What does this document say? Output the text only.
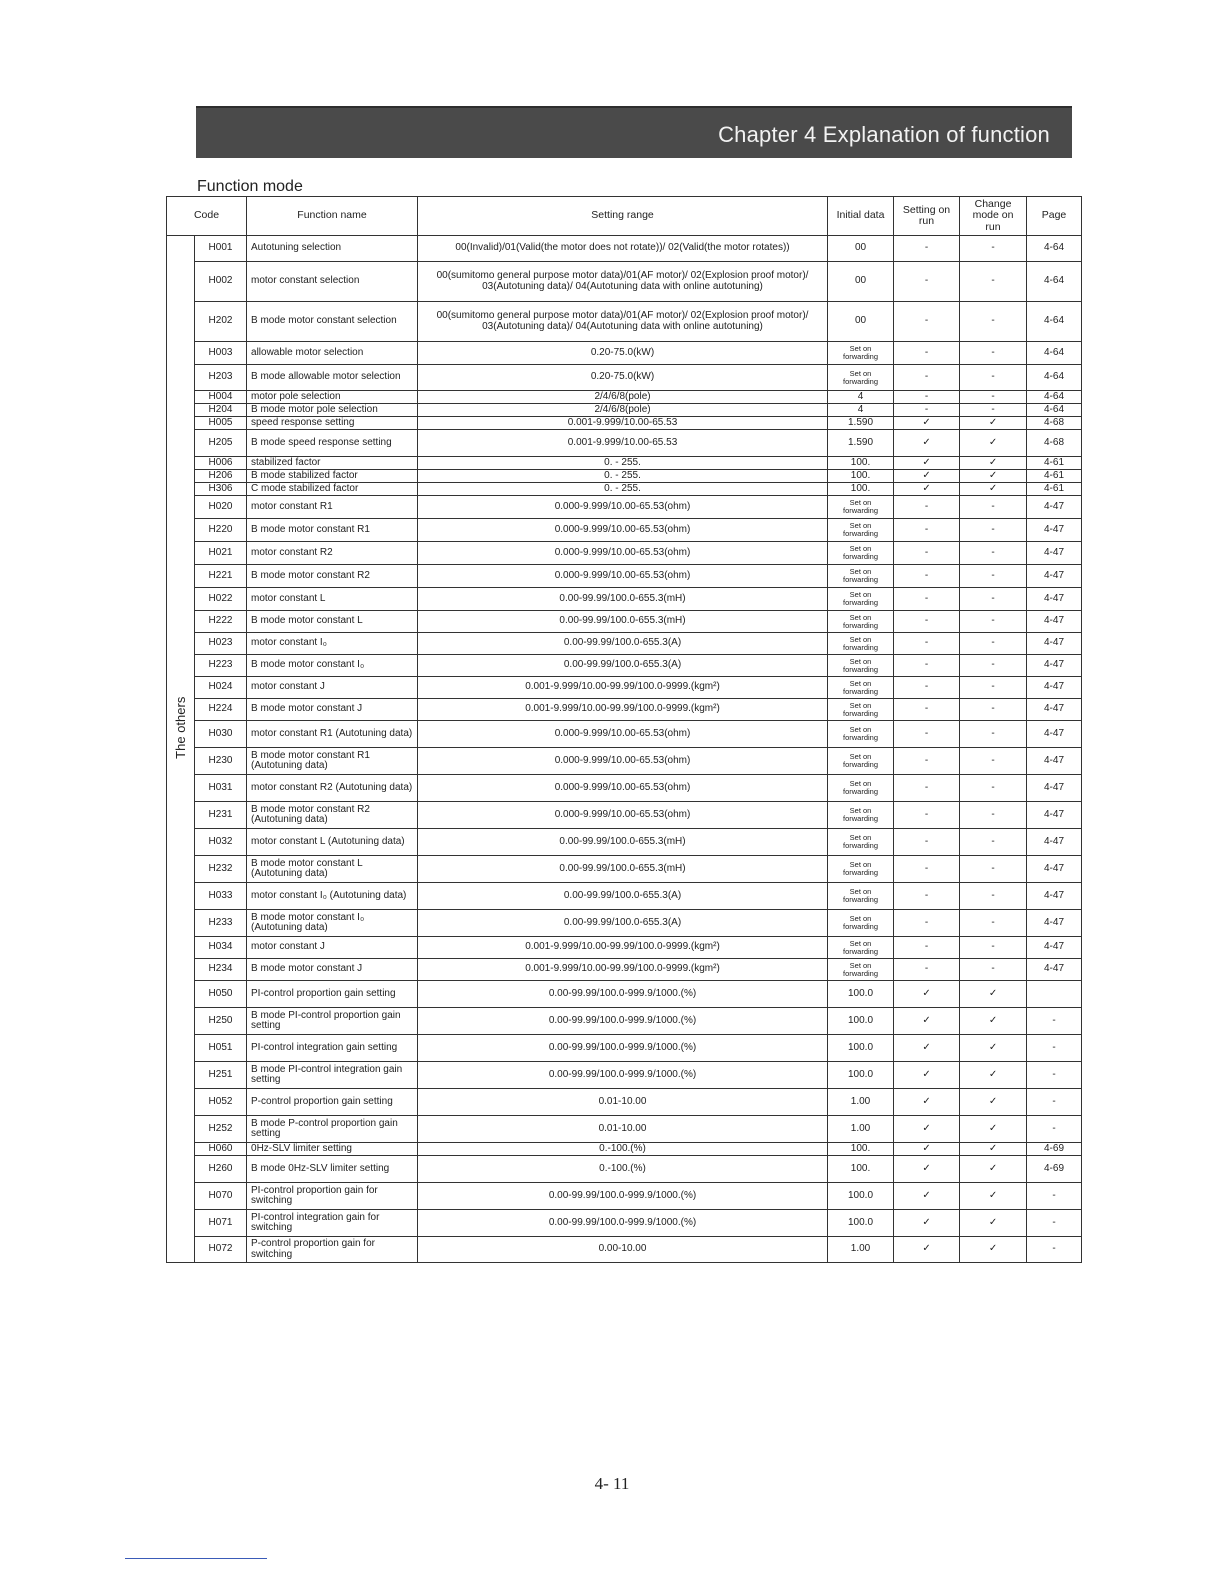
Chapter 4 Explanation of function
Function mode
Code		Function name	Setting range	Initial data	Setting on run	Change mode on run	Page

The others	H001	Autotuning selection	00(Invalid)/01(Valid(the motor does not rotate))/ 02(Valid(the motor rotates))	00	-	-	4-64
	H002	motor constant selection	00(sumitomo general purpose motor data)/01(AF motor)/ 02(Explosion proof motor)/ 03(Autotuning data)/ 04(Autotuning data with online autotuning)	00	-	-	4-64
	H202	B mode motor constant selection	00(sumitomo general purpose motor data)/01(AF motor)/ 02(Explosion proof motor)/ 03(Autotuning data)/ 04(Autotuning data with online autotuning)	00	-	-	4-64
	H003	allowable motor selection	0.20-75.0(kW)	Set on forwarding	-	-	4-64
	H203	B mode allowable motor selection	0.20-75.0(kW)	Set on forwarding	-	-	4-64
	H004	motor pole selection	2/4/6/8(pole)	4	-	-	4-64
	H204	B mode motor pole selection	2/4/6/8(pole)	4	-	-	4-64
	H005	speed response setting	0.001-9.999/10.00-65.53	1.590	✓	✓	4-68
	H205	B mode speed response setting	0.001-9.999/10.00-65.53	1.590	✓	✓	4-68
	H006	stabilized factor	0. - 255.	100.	✓	✓	4-61
	H206	B mode stabilized factor	0. - 255.	100.	✓	✓	4-61
	H306	C mode stabilized factor	0. - 255.	100.	✓	✓	4-61
	H020	motor constant R1	0.000-9.999/10.00-65.53(ohm)	Set on forwarding	-	-	4-47
	H220	B mode motor constant R1	0.000-9.999/10.00-65.53(ohm)	Set on forwarding	-	-	4-47
	H021	motor constant R2	0.000-9.999/10.00-65.53(ohm)	Set on forwarding	-	-	4-47
	H221	B mode motor constant R2	0.000-9.999/10.00-65.53(ohm)	Set on forwarding	-	-	4-47
	H022	motor constant L	0.00-99.99/100.0-655.3(mH)	Set on forwarding	-	-	4-47
	H222	B mode motor constant L	0.00-99.99/100.0-655.3(mH)	Set on forwarding	-	-	4-47
	H023	motor constant I₀	0.00-99.99/100.0-655.3(A)	Set on forwarding	-	-	4-47
	H223	B mode motor constant I₀	0.00-99.99/100.0-655.3(A)	Set on forwarding	-	-	4-47
	H024	motor constant J	0.001-9.999/10.00-99.99/100.0-9999.(kgm²)	Set on forwarding	-	-	4-47
	H224	B mode motor constant J	0.001-9.999/10.00-99.99/100.0-9999.(kgm²)	Set on forwarding	-	-	4-47
	H030	motor constant R1 (Autotuning data)	0.000-9.999/10.00-65.53(ohm)	Set on forwarding	-	-	4-47
	H230	B mode motor constant R1 (Autotuning data)	0.000-9.999/10.00-65.53(ohm)	Set on forwarding	-	-	4-47
	H031	motor constant R2 (Autotuning data)	0.000-9.999/10.00-65.53(ohm)	Set on forwarding	-	-	4-47
	H231	B mode motor constant R2 (Autotuning data)	0.000-9.999/10.00-65.53(ohm)	Set on forwarding	-	-	4-47
	H032	motor constant L (Autotuning data)	0.00-99.99/100.0-655.3(mH)	Set on forwarding	-	-	4-47
	H232	B mode motor constant L (Autotuning data)	0.00-99.99/100.0-655.3(mH)	Set on forwarding	-	-	4-47
	H033	motor constant I₀ (Autotuning data)	0.00-99.99/100.0-655.3(A)	Set on forwarding	-	-	4-47
	H233	B mode motor constant I₀ (Autotuning data)	0.00-99.99/100.0-655.3(A)	Set on forwarding	-	-	4-47
	H034	motor constant J	0.001-9.999/10.00-99.99/100.0-9999.(kgm²)	Set on forwarding	-	-	4-47
	H234	B mode motor constant J	0.001-9.999/10.00-99.99/100.0-9999.(kgm²)	Set on forwarding	-	-	4-47
	H050	PI-control proportion gain setting	0.00-99.99/100.0-999.9/1000.(%)	100.0	✓	✓	
	H250	B mode PI-control proportion gain setting	0.00-99.99/100.0-999.9/1000.(%)	100.0	✓	✓	-
	H051	PI-control integration gain setting	0.00-99.99/100.0-999.9/1000.(%)	100.0	✓	✓	-
	H251	B mode PI-control integration gain setting	0.00-99.99/100.0-999.9/1000.(%)	100.0	✓	✓	-
	H052	P-control proportion gain setting	0.01-10.00	1.00	✓	✓	-
	H252	B mode P-control proportion gain setting	0.01-10.00	1.00	✓	✓	-
	H060	0Hz-SLV limiter setting	0.-100.(%)	100.	✓	✓	4-69
	H260	B mode 0Hz-SLV limiter setting	0.-100.(%)	100.	✓	✓	4-69
	H070	PI-control proportion gain for switching	0.00-99.99/100.0-999.9/1000.(%)	100.0	✓	✓	-
	H071	PI-control integration gain for switching	0.00-99.99/100.0-999.9/1000.(%)	100.0	✓	✓	-
	H072	P-control proportion gain for switching	0.00-10.00	1.00	✓	✓	-
4- 11
